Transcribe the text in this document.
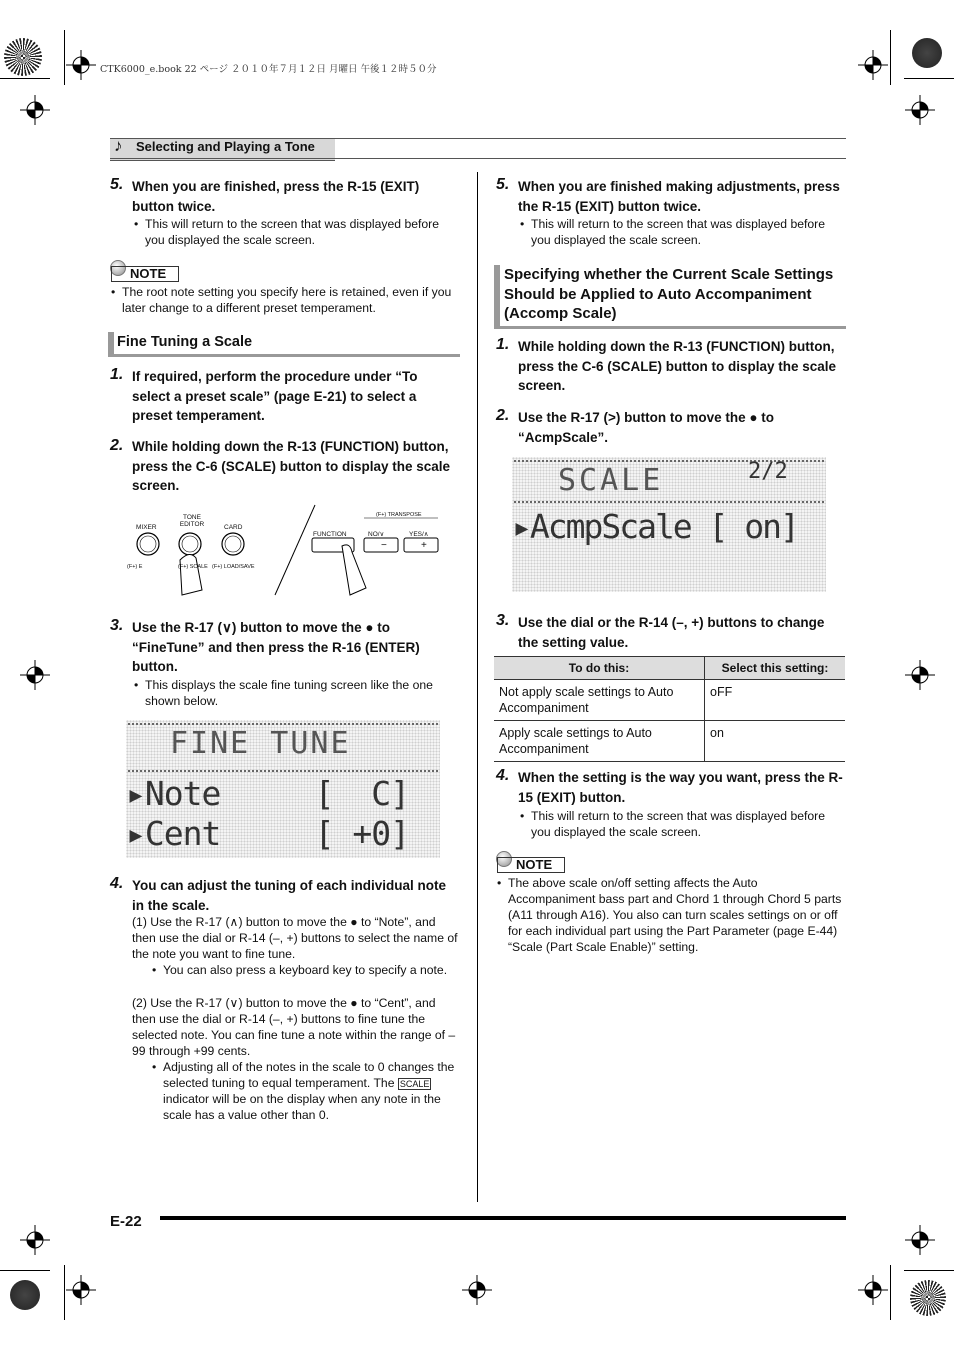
CTK6000_e.book 22 ページ ２０１０年７月１２日 月曜日 午後１２時５０分
♪ Selecting and Playing a Tone
5. When you are finished, press the R-15 (EXIT) button twice.
• This will return to the screen that was displayed before you displayed the scale screen.
NOTE
• The root note setting you specify here is retained, even if you later change to a different preset temperament.
Fine Tuning a Scale
1. If required, perform the procedure under “To select a preset scale” (page E-21) to select a preset temperament.
2. While holding down the R-13 (FUNCTION) button, press the C-6 (SCALE) button to display the scale screen.
MIXER
TONE EDITOR	CARD
(F+) E	(F+) SCALE (F+) LOAD/SAVE
(F+) TRANSPOSE
FUNCTION	NO/∨	YES/∧
−	+
3. Use the R-17 (∨) button to move the ● to “FineTune” and then press the R-16 (ENTER) button.
• This displays the scale fine tuning screen like the one shown below.
FINE TUNE
▸Note     [  C]
▸Cent     [ +0]
4. You can adjust the tuning of each individual note in the scale.
(1) Use the R-17 (∧) button to move the ● to “Note”, and then use the dial or R-14 (–, +) buttons to select the name of the note you want to fine tune.
• You can also press a keyboard key to specify a note.
(2) Use the R-17 (∨) button to move the ● to “Cent”, and then use the dial or R-14 (–, +) buttons to fine tune the selected note. You can fine tune a note within the range of –99 through +99 cents.
• Adjusting all of the notes in the scale to 0 changes the selected tuning to equal temperament. The SCALE indicator will be on the display when any note in the scale has a value other than 0.
5. When you are finished making adjustments, press the R-15 (EXIT) button twice.
• This will return to the screen that was displayed before you displayed the scale screen.
Specifying whether the Current Scale Settings Should be Applied to Auto Accompaniment (Accomp Scale)
1. While holding down the R-13 (FUNCTION) button, press the C-6 (SCALE) button to display the scale screen.
2. Use the R-17 (>) button to move the ● to “AcmpScale”.
SCALE	2/2
▸AcmpScale [ on]
3. Use the dial or the R-14 (–, +) buttons to change the setting value.
To do this:	Select this setting:
Not apply scale settings to Auto Accompaniment	oFF
Apply scale settings to Auto Accompaniment	on
4. When the setting is the way you want, press the R-15 (EXIT) button.
• This will return to the screen that was displayed before you displayed the scale screen.
NOTE
• The above scale on/off setting affects the Auto Accompaniment bass part and Chord 1 through Chord 5 parts (A11 through A16). You also can turn scales settings on or off for each individual part using the Part Parameter (page E-44) “Scale (Part Scale Enable)” setting.
E-22
